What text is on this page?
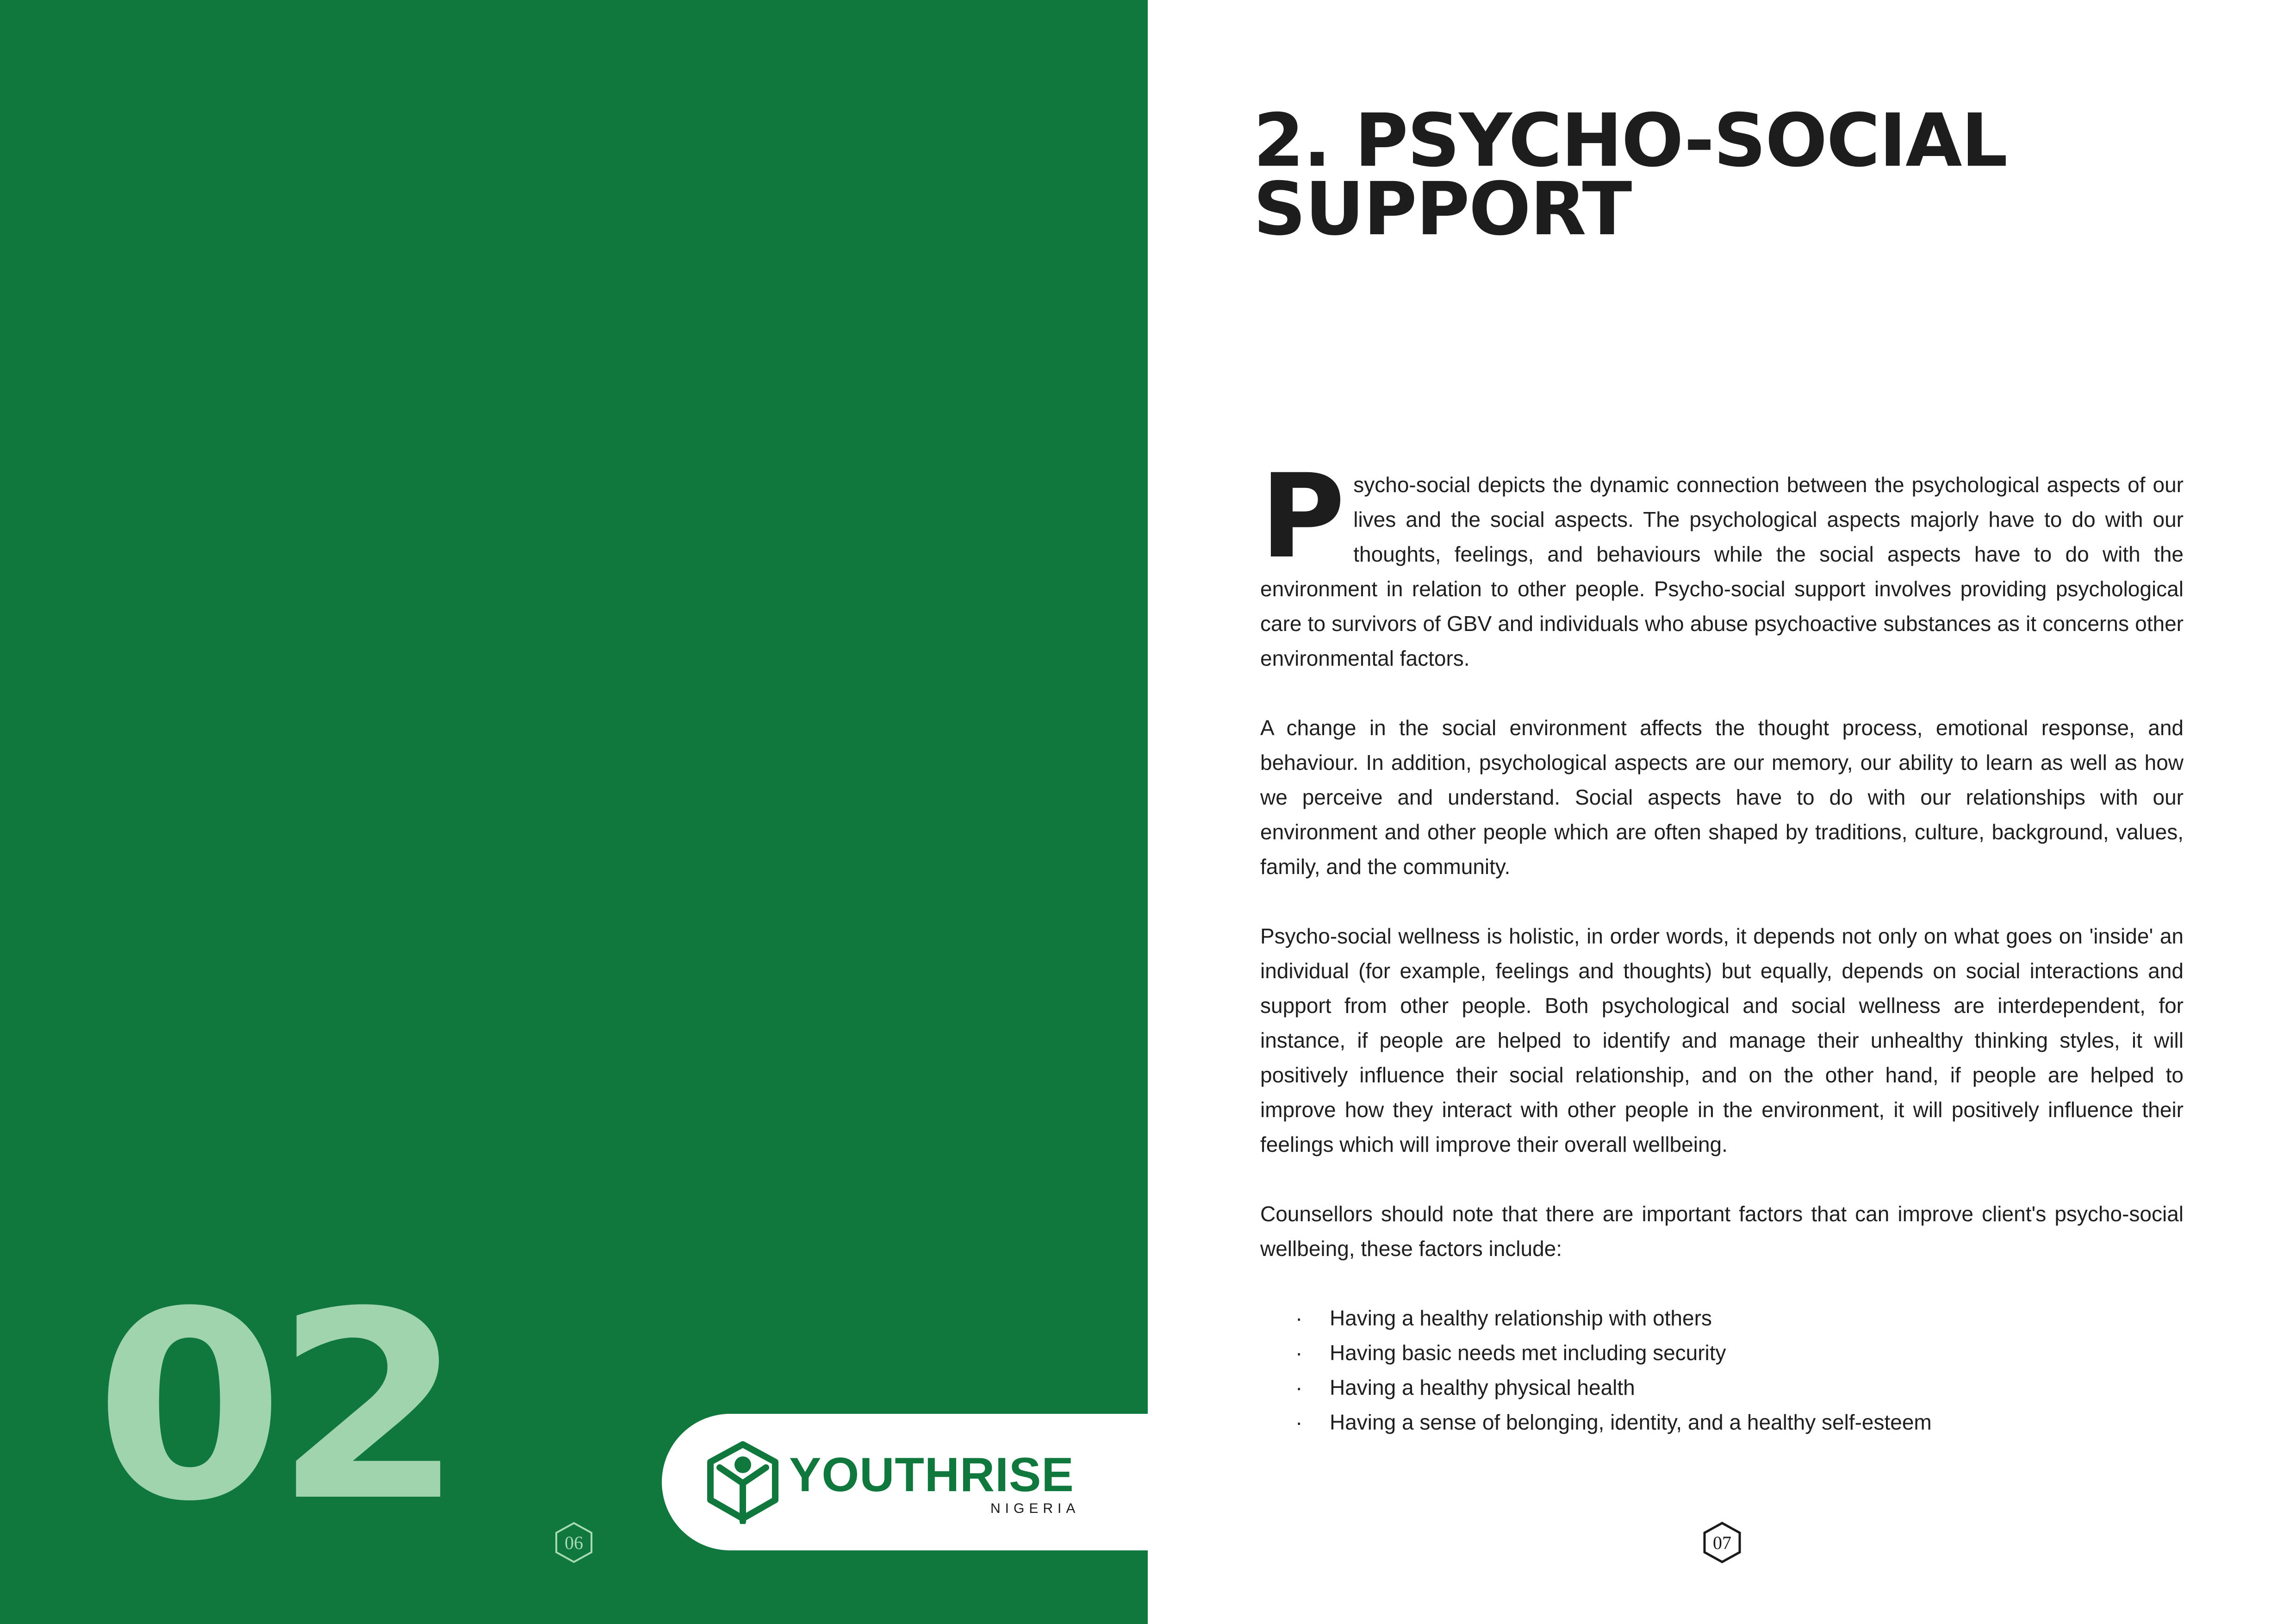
02	YOUTHRISE
NIGERIA
06
2. PSYCHO-SOCIAL
SUPPORT

Psycho-social depicts the dynamic connection between the psychological aspects of our lives and the social aspects. The psychological aspects majorly have to do with our thoughts, feelings, and behaviours while the social aspects have to do with the environment in relation to other people. Psycho-social support involves providing psychological care to survivors of GBV and individuals who abuse psychoactive substances as it concerns other environmental factors.

A change in the social environment affects the thought process, emotional response, and behaviour. In addition, psychological aspects are our memory, our ability to learn as well as how we perceive and understand. Social aspects have to do with our relationships with our environment and other people which are often shaped by traditions, culture, background, values, family, and the community.

Psycho-social wellness is holistic, in order words, it depends not only on what goes on 'inside' an individual (for example, feelings and thoughts) but equally, depends on social interactions and support from other people. Both psychological and social wellness are interdependent, for instance, if people are helped to identify and manage their unhealthy thinking styles, it will positively influence their social relationship, and on the other hand, if people are helped to improve how they interact with other people in the environment, it will positively influence their feelings which will improve their overall wellbeing.

Counsellors should note that there are important factors that can improve client's psycho-social wellbeing, these factors include:

· Having a healthy relationship with others
· Having basic needs met including security
· Having a healthy physical health
· Having a sense of belonging, identity, and a healthy self-esteem
07
